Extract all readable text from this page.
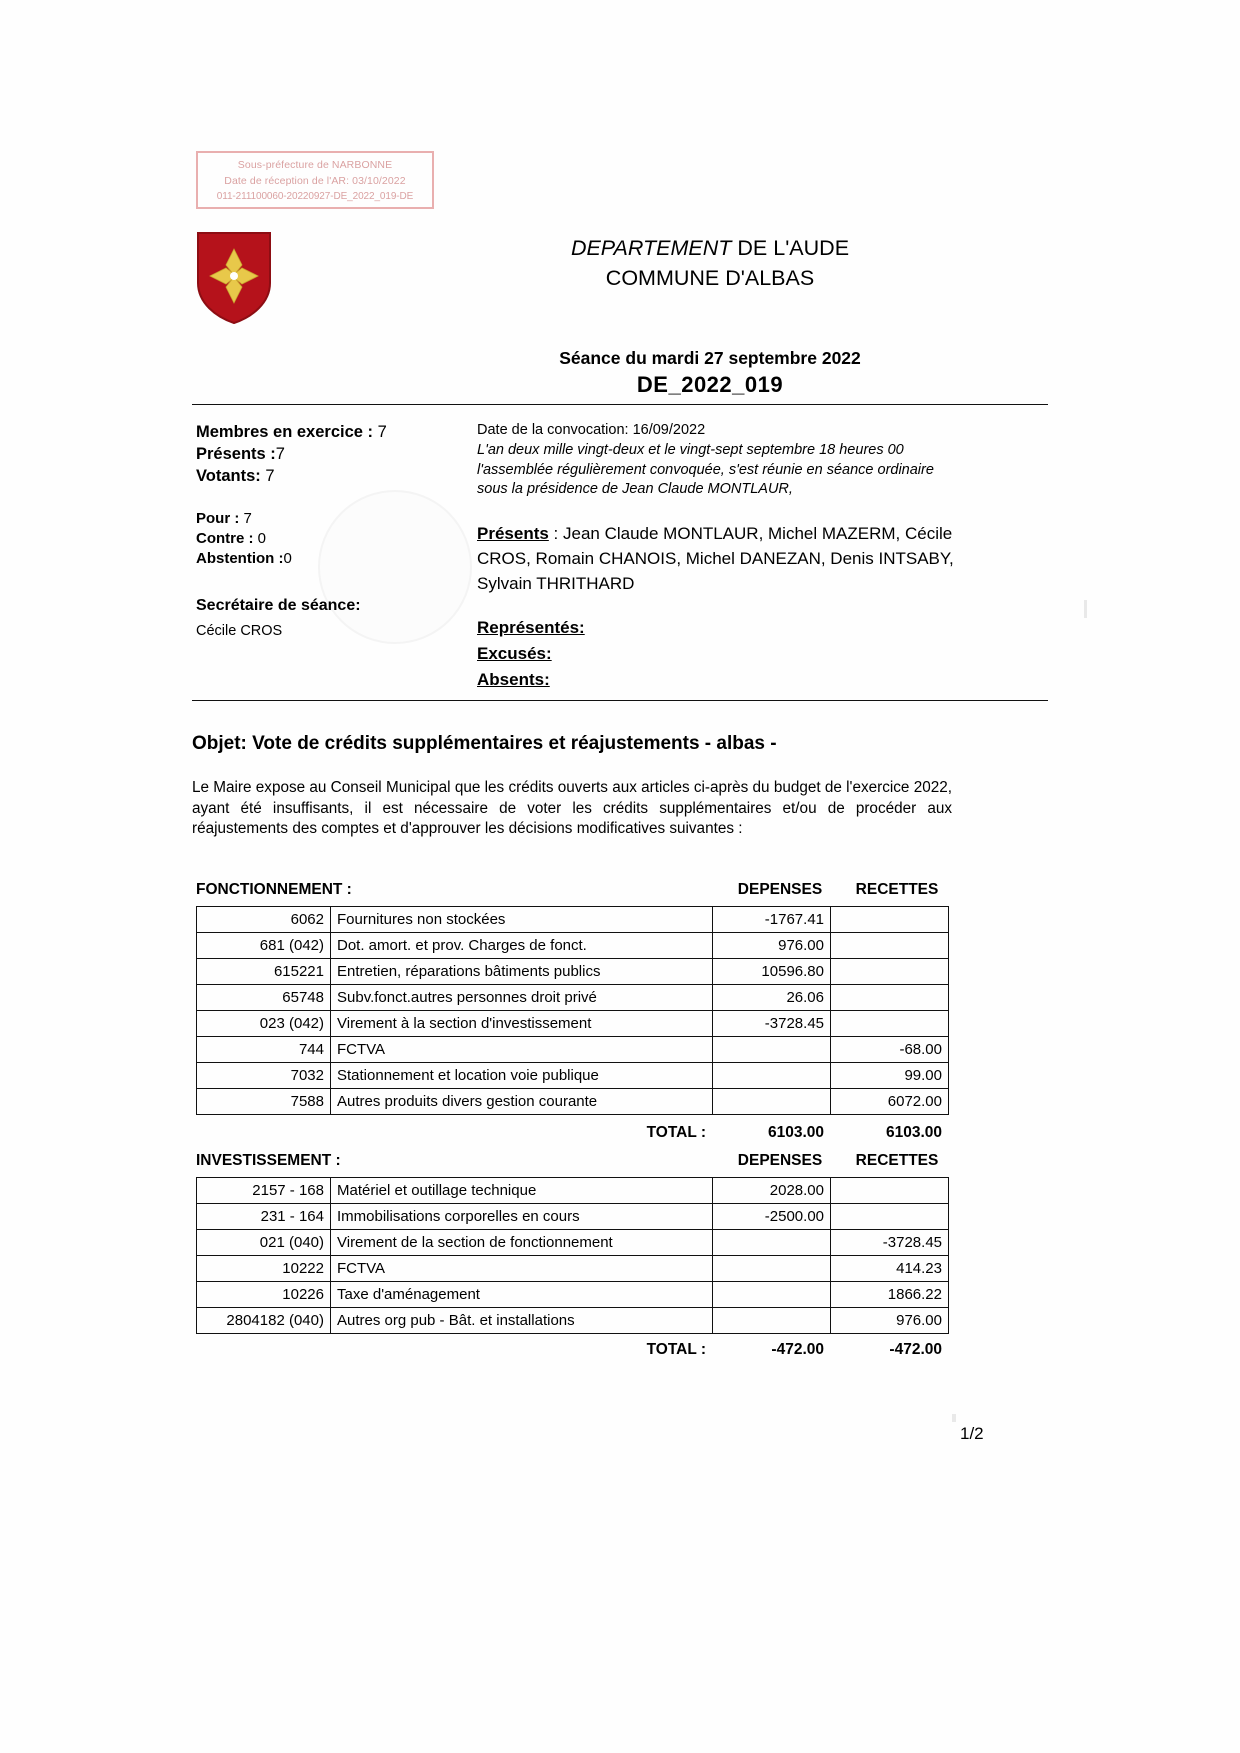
Sous-préfecture de NARBONNE
Date de réception de l'AR: 03/10/2022
011-211100060-20220927-DE_2022_019-DE
DEPARTEMENT DE L'AUDE
COMMUNE D'ALBAS
Séance du mardi 27 septembre 2022
DE_2022_019
Membres en exercice : 7
Présents :7
Votants: 7
Pour : 7
Contre : 0
Abstention :0
Secrétaire de séance:
Cécile CROS
Date de la convocation: 16/09/2022
L'an deux mille vingt-deux et le vingt-sept septembre 18 heures 00 l'assemblée régulièrement convoquée, s'est réunie en séance ordinaire sous la présidence de Jean Claude MONTLAUR,
Présents : Jean Claude MONTLAUR, Michel MAZERM, Cécile CROS, Romain CHANOIS, Michel DANEZAN, Denis INTSABY, Sylvain THRITHARD
Représentés:
Excusés:
Absents:
Objet: Vote de crédits supplémentaires et réajustements - albas -
Le Maire expose au Conseil Municipal que les crédits ouverts aux articles ci-après du budget de l'exercice 2022, ayant été insuffisants, il est nécessaire de voter les crédits supplémentaires et/ou de procéder aux réajustements des comptes et d'approuver les décisions modificatives suivantes :
FONCTIONNEMENT :	DEPENSES	RECETTES
6062	Fournitures non stockées	-1767.41	
681 (042)	Dot. amort. et prov. Charges de fonct.	976.00	
615221	Entretien, réparations bâtiments publics	10596.80	
65748	Subv.fonct.autres personnes droit privé	26.06	
023 (042)	Virement à la section d'investissement	-3728.45	
744	FCTVA		-68.00
7032	Stationnement et location voie publique		99.00
7588	Autres produits divers gestion courante		6072.00
TOTAL :	6103.00	6103.00
INVESTISSEMENT :	DEPENSES	RECETTES
2157 - 168	Matériel et outillage technique	2028.00	
231 - 164	Immobilisations corporelles en cours	-2500.00	
021 (040)	Virement de la section de fonctionnement		-3728.45
10222	FCTVA		414.23
10226	Taxe d'aménagement		1866.22
2804182 (040)	Autres org pub - Bât. et installations		976.00
TOTAL :	-472.00	-472.00
1/2
